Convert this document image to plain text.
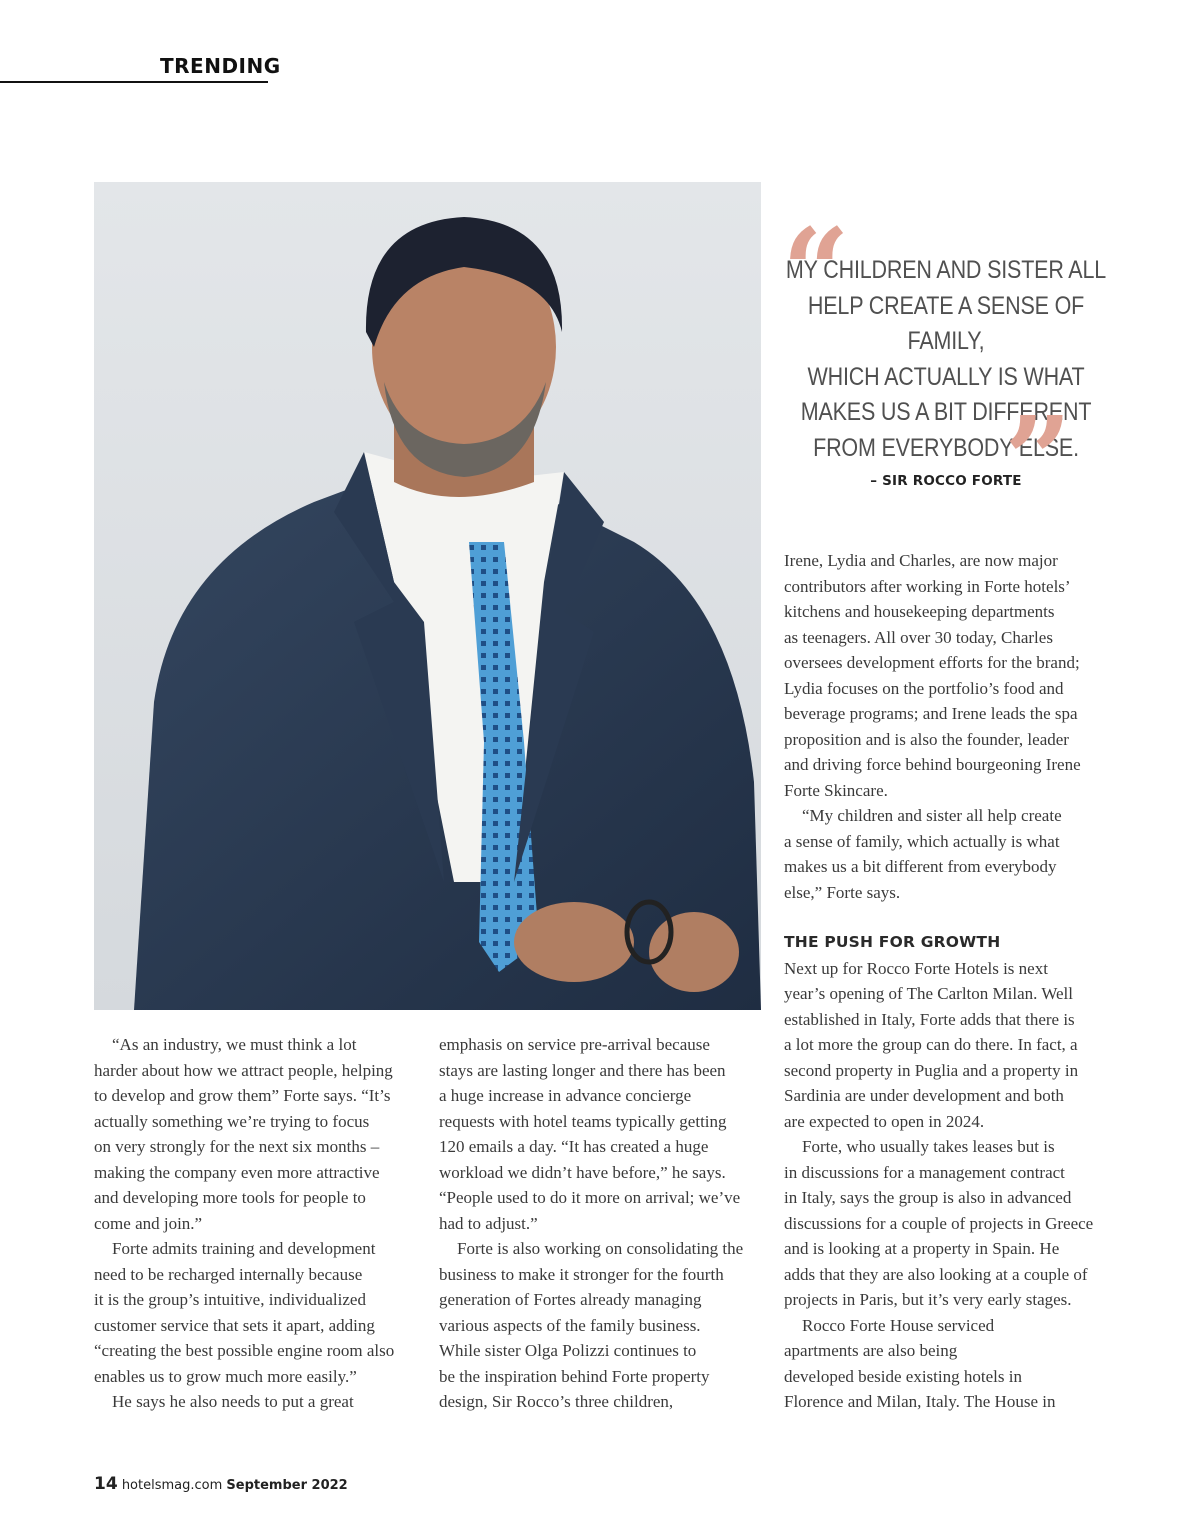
TRENDING
“
MY CHILDREN AND SISTER ALL
HELP CREATE A SENSE OF FAMILY,
WHICH ACTUALLY IS WHAT
MAKES US A BIT DIFFERENT
FROM EVERYBODY ELSE.
”
– SIR ROCCO FORTE

“As an industry, we must think a lot
harder about how we attract people, helping
to develop and grow them” Forte says. “It’s
actually something we’re trying to focus
on very strongly for the next six months –
making the company even more attractive
and developing more tools for people to
come and join.”

Forte admits training and development
need to be recharged internally because
it is the group’s intuitive, individualized
customer service that sets it apart, adding
“creating the best possible engine room also
enables us to grow much more easily.”

He says he also needs to put a great

emphasis on service pre-arrival because
stays are lasting longer and there has been
a huge increase in advance concierge
requests with hotel teams typically getting
120 emails a day. “It has created a huge
workload we didn’t have before,” he says.
“People used to do it more on arrival; we’ve
had to adjust.”

Forte is also working on consolidating the
business to make it stronger for the fourth
generation of Fortes already managing
various aspects of the family business.
While sister Olga Polizzi continues to
be the inspiration behind Forte property
design, Sir Rocco’s three children,

Irene, Lydia and Charles, are now major
contributors after working in Forte hotels’
kitchens and housekeeping departments
as teenagers. All over 30 today, Charles
oversees development efforts for the brand;
Lydia focuses on the portfolio’s food and
beverage programs; and Irene leads the spa
proposition and is also the founder, leader
and driving force behind bourgeoning Irene
Forte Skincare.

“My children and sister all help create
a sense of family, which actually is what
makes us a bit different from everybody
else,” Forte says.

THE PUSH FOR GROWTH

Next up for Rocco Forte Hotels is next
year’s opening of The Carlton Milan. Well
established in Italy, Forte adds that there is
a lot more the group can do there. In fact, a
second property in Puglia and a property in
Sardinia are under development and both
are expected to open in 2024.

Forte, who usually takes leases but is
in discussions for a management contract
in Italy, says the group is also in advanced
discussions for a couple of projects in Greece
and is looking at a property in Spain. He
adds that they are also looking at a couple of
projects in Paris, but it’s very early stages.

Rocco Forte House serviced
apartments are also being
developed beside existing hotels in
Florence and Milan, Italy. The House in

14 hotelsmag.com September 2022
